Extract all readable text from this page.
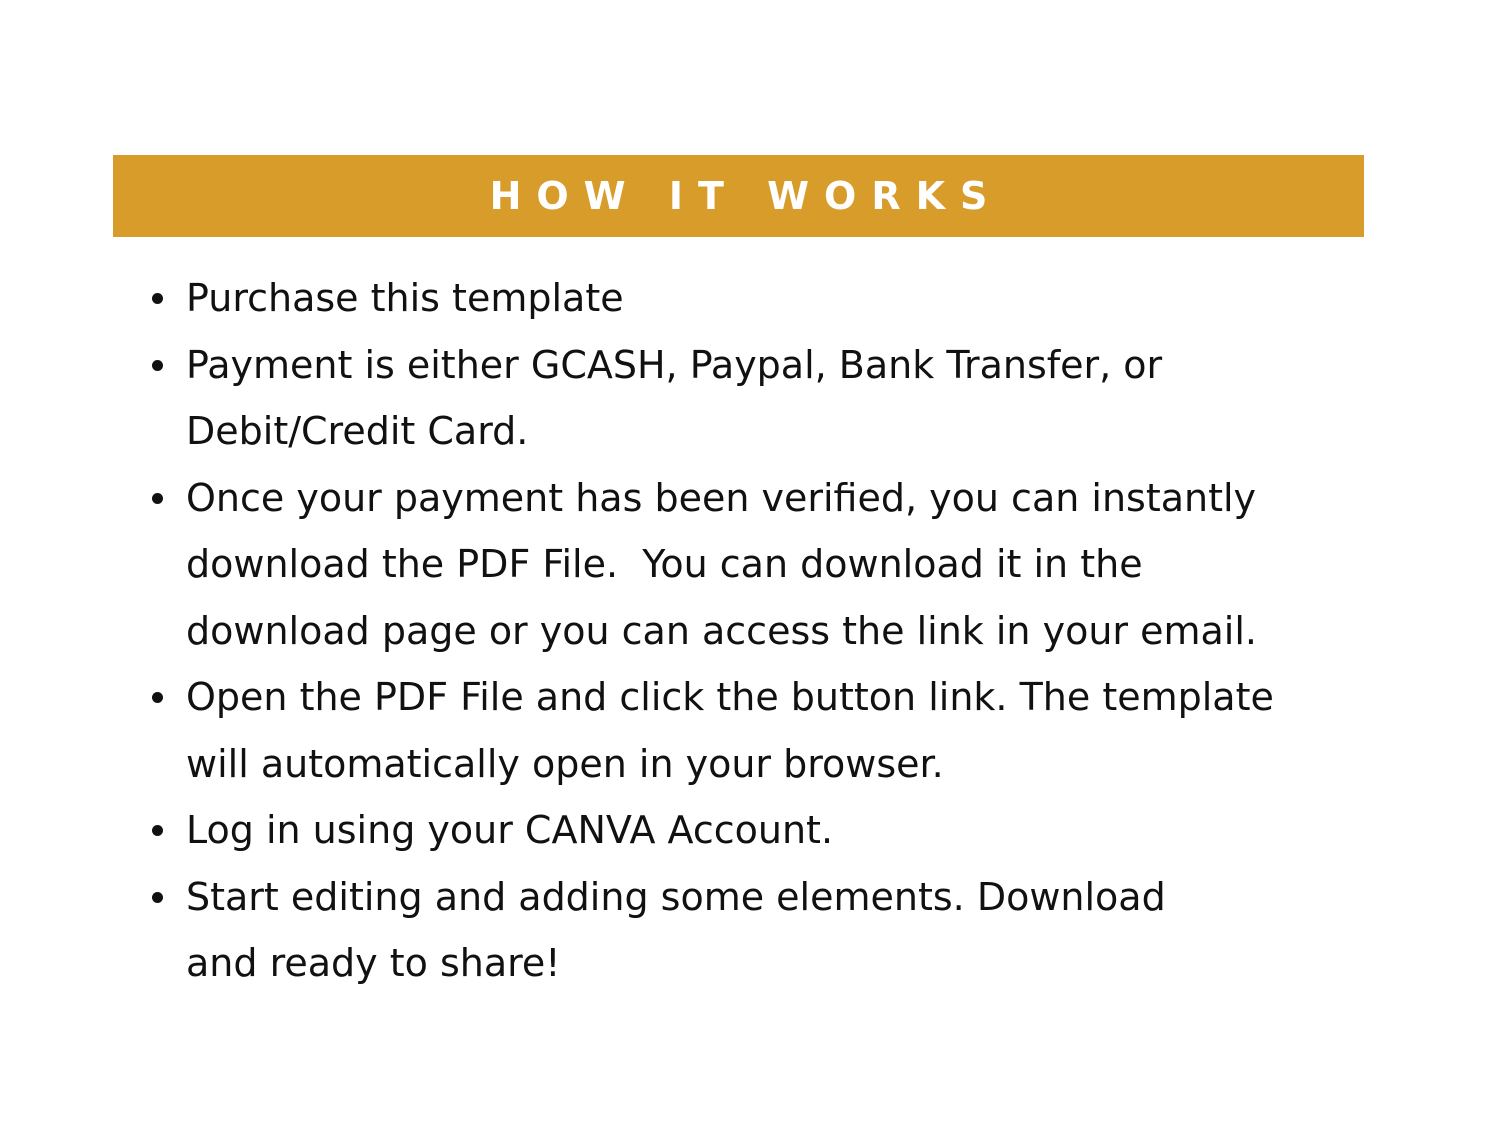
HOW IT WORKS
Purchase this template
Payment is either GCASH, Paypal, Bank Transfer, or
Debit/Credit Card.
Once your payment has been verified, you can instantly
download the PDF File.  You can download it in the
download page or you can access the link in your email.
Open the PDF File and click the button link. The template
will automatically open in your browser.
Log in using your CANVA Account.
Start editing and adding some elements. Download
and ready to share!
